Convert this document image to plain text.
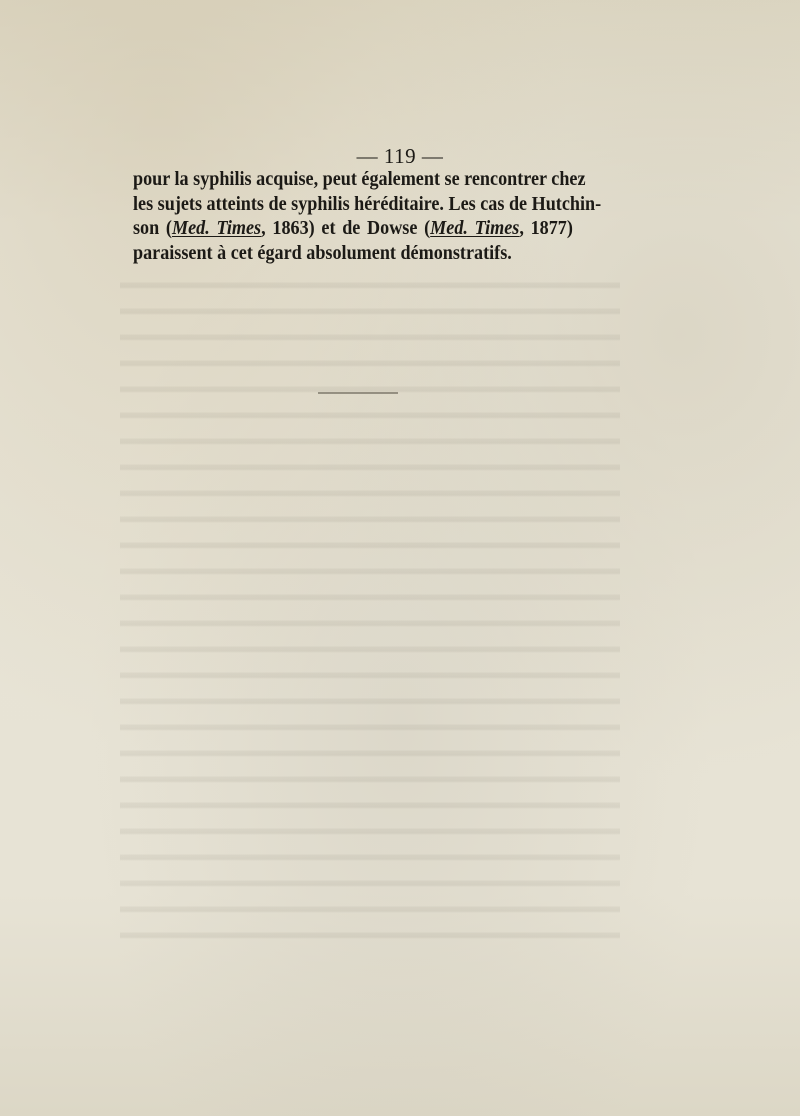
— 119 —
pour la syphilis acquise, peut également se rencontrer chez
les sujets atteints de syphilis héréditaire. Les cas de Hutchin-
son (Med. Times, 1863) et de Dowse (Med. Times, 1877)
paraissent à cet égard absolument démonstratifs.
